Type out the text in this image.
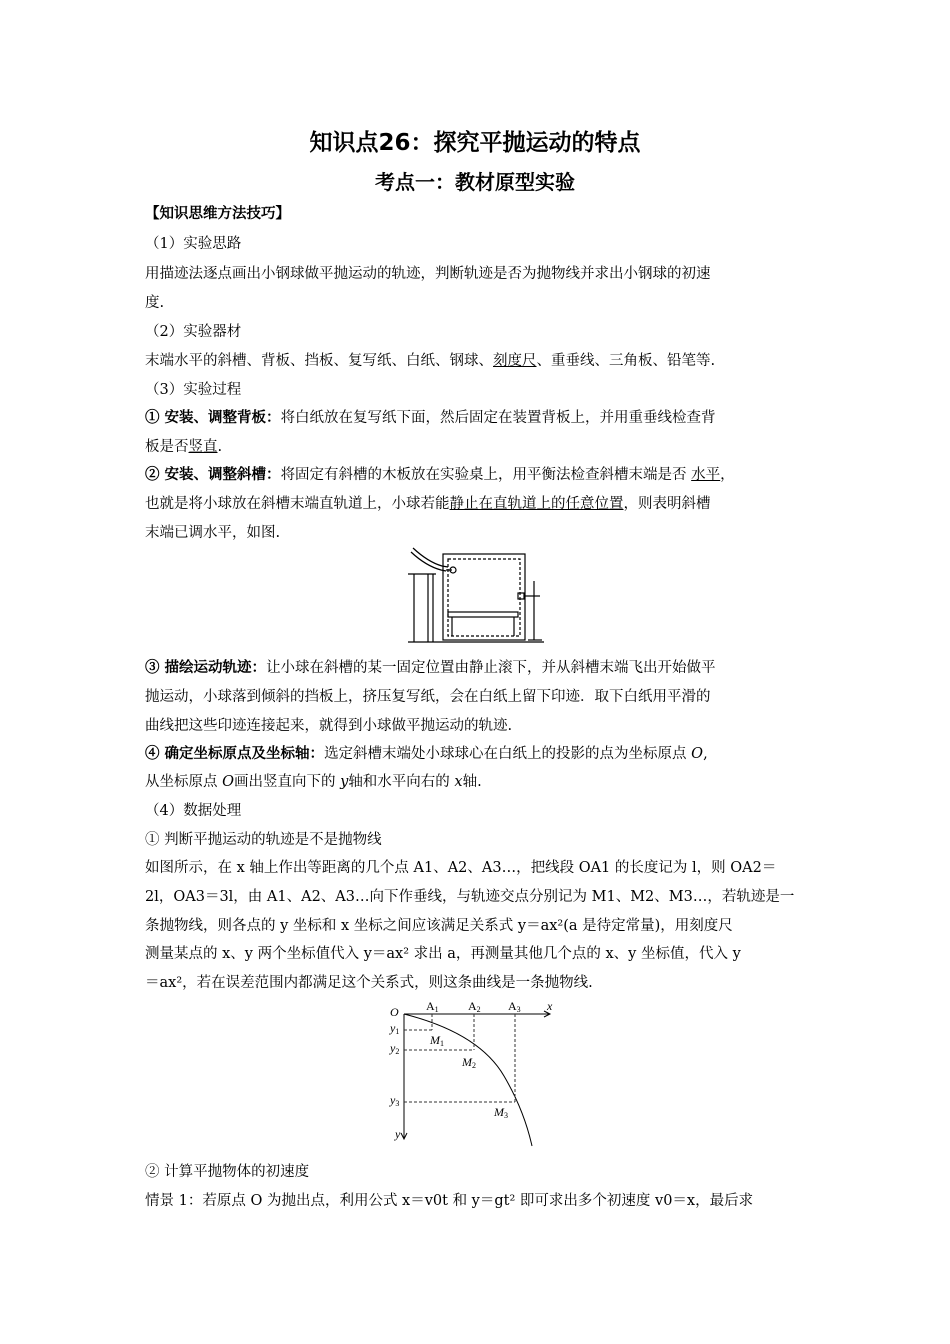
知识点26：探究平抛运动的特点
考点一：教材原型实验
【知识思维方法技巧】
（1）实验思路
用描迹法逐点画出小钢球做平抛运动的轨迹，判断轨迹是否为抛物线并求出小钢球的初速
度.
（2）实验器材
末端水平的斜槽、背板、挡板、复写纸、白纸、钢球、刻度尺、重垂线、三角板、铅笔等.
（3）实验过程
① 安装、调整背板：将白纸放在复写纸下面，然后固定在装置背板上，并用重垂线检查背
板是否竖直.
② 安装、调整斜槽：将固定有斜槽的木板放在实验桌上，用平衡法检查斜槽末端是否 水平，
也就是将小球放在斜槽末端直轨道上，小球若能静止在直轨道上的任意位置，则表明斜槽
末端已调水平，如图.
③ 描绘运动轨迹：让小球在斜槽的某一固定位置由静止滚下，并从斜槽末端飞出开始做平
抛运动，小球落到倾斜的挡板上，挤压复写纸，会在白纸上留下印迹．取下白纸用平滑的
曲线把这些印迹连接起来，就得到小球做平抛运动的轨迹.
④ 确定坐标原点及坐标轴：选定斜槽末端处小球球心在白纸上的投影的点为坐标原点 O,
从坐标原点 O画出竖直向下的 y轴和水平向右的 x轴.
（4）数据处理
① 判断平抛运动的轨迹是不是抛物线
如图所示，在 x 轴上作出等距离的几个点 A1、A2、A3…，把线段 OA1 的长度记为 l，则 OA2＝
2l，OA3＝3l，由 A1、A2、A3…向下作垂线，与轨迹交点分别记为 M1、M2、M3…，若轨迹是一
条抛物线，则各点的 y 坐标和 x 坐标之间应该满足关系式 y＝ax²(a 是待定常量)，用刻度尺
测量某点的 x、y 两个坐标值代入 y＝ax² 求出 a，再测量其他几个点的 x、y 坐标值，代入 y
＝ax²，若在误差范围内都满足这个关系式，则这条曲线是一条抛物线.
O A1 A2 A3 x
y
y1
y2
y3
M1
M2
M3
② 计算平抛物体的初速度
情景 1：若原点 O 为抛出点，利用公式 x＝v0t 和 y＝gt² 即可求出多个初速度 v0＝x，最后求
